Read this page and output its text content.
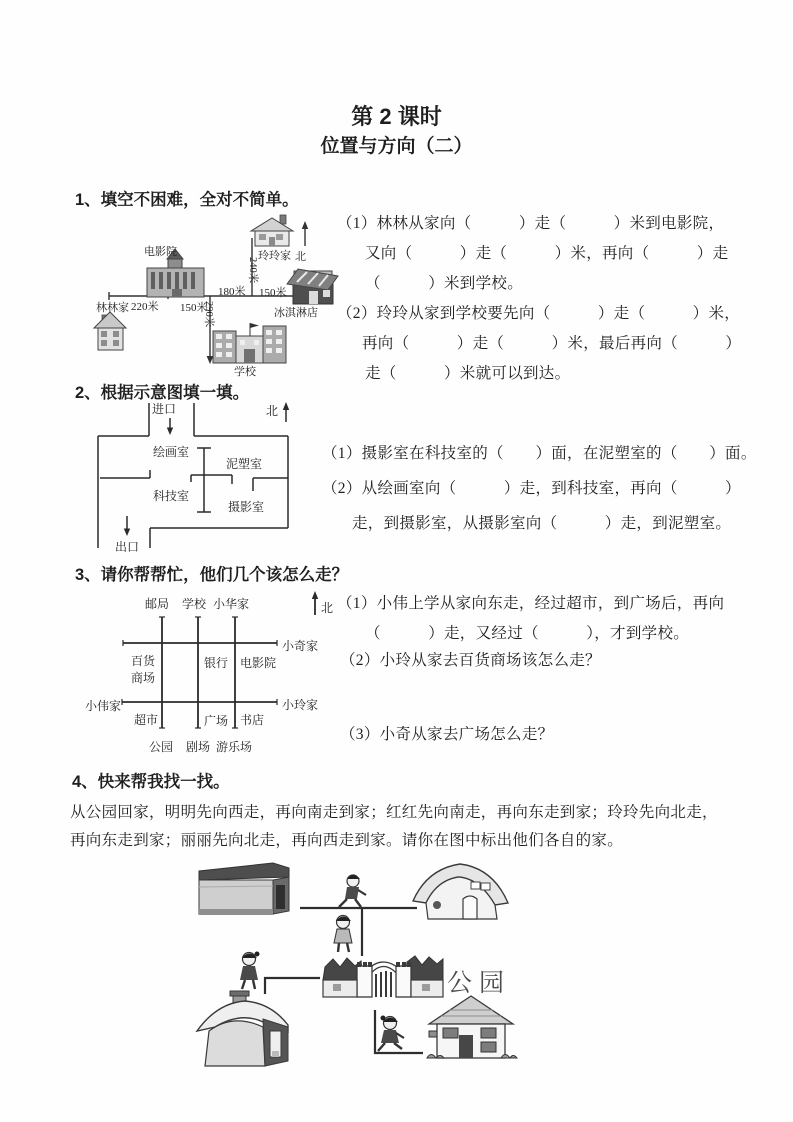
第 2 课时
位置与方向（二）
1、填空不困难，全对不简单。
电影院	玲玲家 北
林林家	冰淇淋店
学校
220米 150米
180米 150米
240米
290米
（1）林林从家向（　　　）走（　　　）米到电影院，
又向（　　　）走（　　　）米，再向（　　　）走
（　　　）米到学校。
（2）玲玲从家到学校要先向（　　　）走（　　　）米，
再向（　　　）走（　　　）米，最后再向（　　　）
走（　　　）米就可以到达。
2、根据示意图填一填。
进口	北
绘画室
泥塑室
科技室
摄影室
出口
（1）摄影室在科技室的（　　）面，在泥塑室的（　　）面。
（2）从绘画室向（　　　）走，到科技室，再向（　　　）
走，到摄影室，从摄影室向（　　　）走，到泥塑室。
3、请你帮帮忙，他们几个该怎么走？
邮局 学校 小华家	北
小奇家
百货
商场
银行 电影院
小伟家	小玲家
超市	广场 书店
公园 剧场 游乐场
（1）小伟上学从家向东走，经过超市，到广场后，再向
（　　　）走，又经过（　　　），才到学校。
（2）小玲从家去百货商场该怎么走？
（3）小奇从家去广场怎么走？
4、快来帮我找一找。
从公园回家，明明先向西走，再向南走到家；红红先向南走，再向东走到家；玲玲先向北走，
再向东走到家；丽丽先向北走，再向西走到家。请你在图中标出他们各自的家。
公园
